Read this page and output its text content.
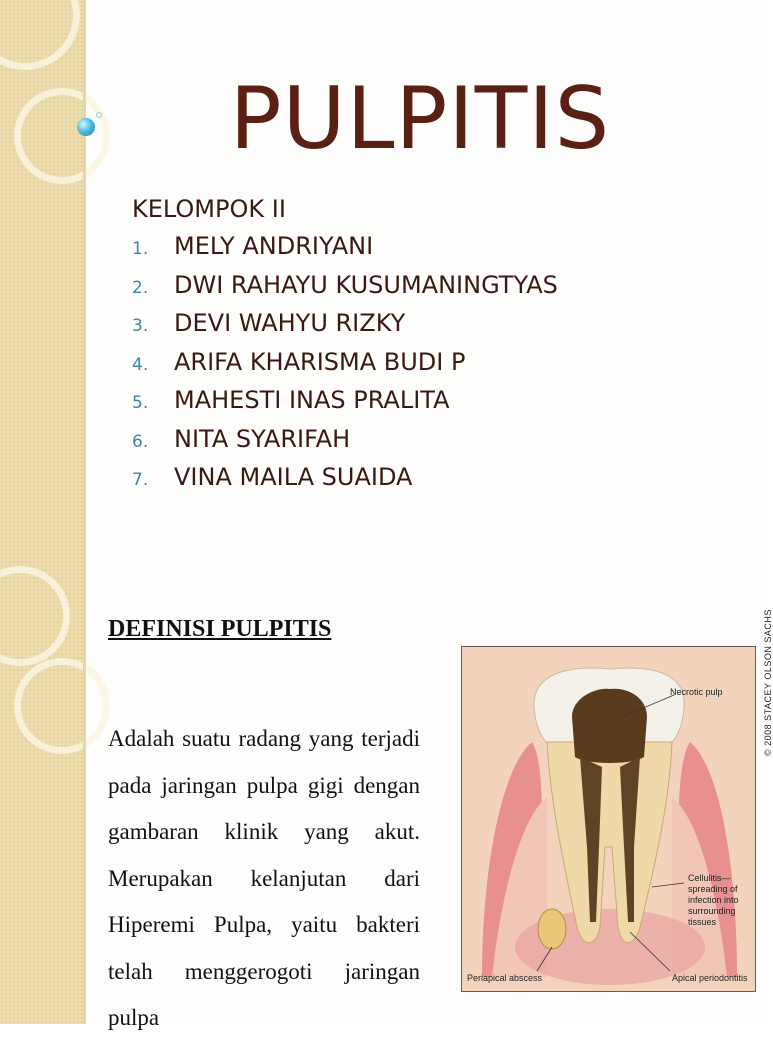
PULPITIS
KELOMPOK II
1. MELY ANDRIYANI
2. DWI RAHAYU KUSUMANINGTYAS
3. DEVI WAHYU RIZKY
4. ARIFA KHARISMA BUDI P
5. MAHESTI INAS PRALITA
6. NITA SYARIFAH
7. VINA MAILA SUAIDA
DEFINISI PULPITIS

Adalah suatu radang yang terjadi pada jaringan pulpa gigi dengan gambaran klinik yang akut. Merupakan kelanjutan dari Hiperemi Pulpa, yaitu bakteri telah menggerogoti jaringan pulpa

Necrotic pulp
Cellulitis— spreading of infection into surrounding tissues
Periapical abscess	Apical periodontitis
© 2008 STACEY OLSON SACHS
